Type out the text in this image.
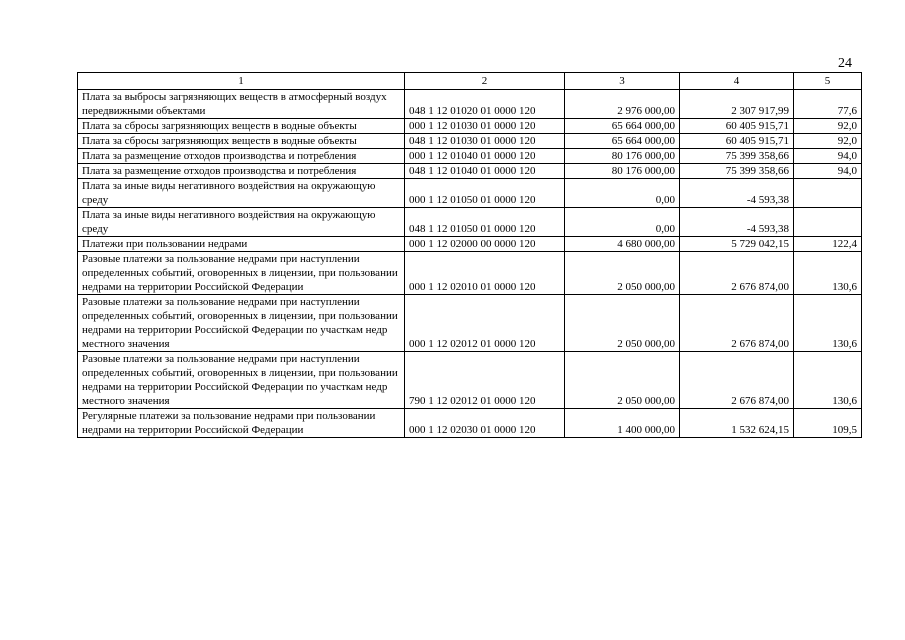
24
1	2	3	4	5
Плата за выбросы загрязняющих веществ в атмосферный воздух передвижными объектами	048 1 12 01020 01 0000 120	2 976 000,00	2 307 917,99	77,6
Плата за сбросы загрязняющих веществ в водные объекты	000 1 12 01030 01 0000 120	65 664 000,00	60 405 915,71	92,0
Плата за сбросы загрязняющих веществ в водные объекты	048 1 12 01030 01 0000 120	65 664 000,00	60 405 915,71	92,0
Плата за размещение отходов производства и потребления	000 1 12 01040 01 0000 120	80 176 000,00	75 399 358,66	94,0
Плата за размещение отходов производства и потребления	048 1 12 01040 01 0000 120	80 176 000,00	75 399 358,66	94,0
Плата за иные виды негативного воздействия на окружающую среду	000 1 12 01050 01 0000 120	0,00	-4 593,38	
Плата за иные виды негативного воздействия на окружающую среду	048 1 12 01050 01 0000 120	0,00	-4 593,38	
Платежи при пользовании недрами	000 1 12 02000 00 0000 120	4 680 000,00	5 729 042,15	122,4
Разовые платежи за пользование недрами при наступлении определенных событий, оговоренных в лицензии, при пользовании недрами на территории Российской Федерации	000 1 12 02010 01 0000 120	2 050 000,00	2 676 874,00	130,6
Разовые платежи за пользование недрами при наступлении определенных событий, оговоренных в лицензии, при пользовании недрами на территории Российской Федерации по участкам недр местного значения	000 1 12 02012 01 0000 120	2 050 000,00	2 676 874,00	130,6
Разовые платежи за пользование недрами при наступлении определенных событий, оговоренных в лицензии, при пользовании недрами на территории Российской Федерации по участкам недр местного значения	790 1 12 02012 01 0000 120	2 050 000,00	2 676 874,00	130,6
Регулярные платежи за пользование недрами при пользовании недрами на территории Российской Федерации	000 1 12 02030 01 0000 120	1 400 000,00	1 532 624,15	109,5
